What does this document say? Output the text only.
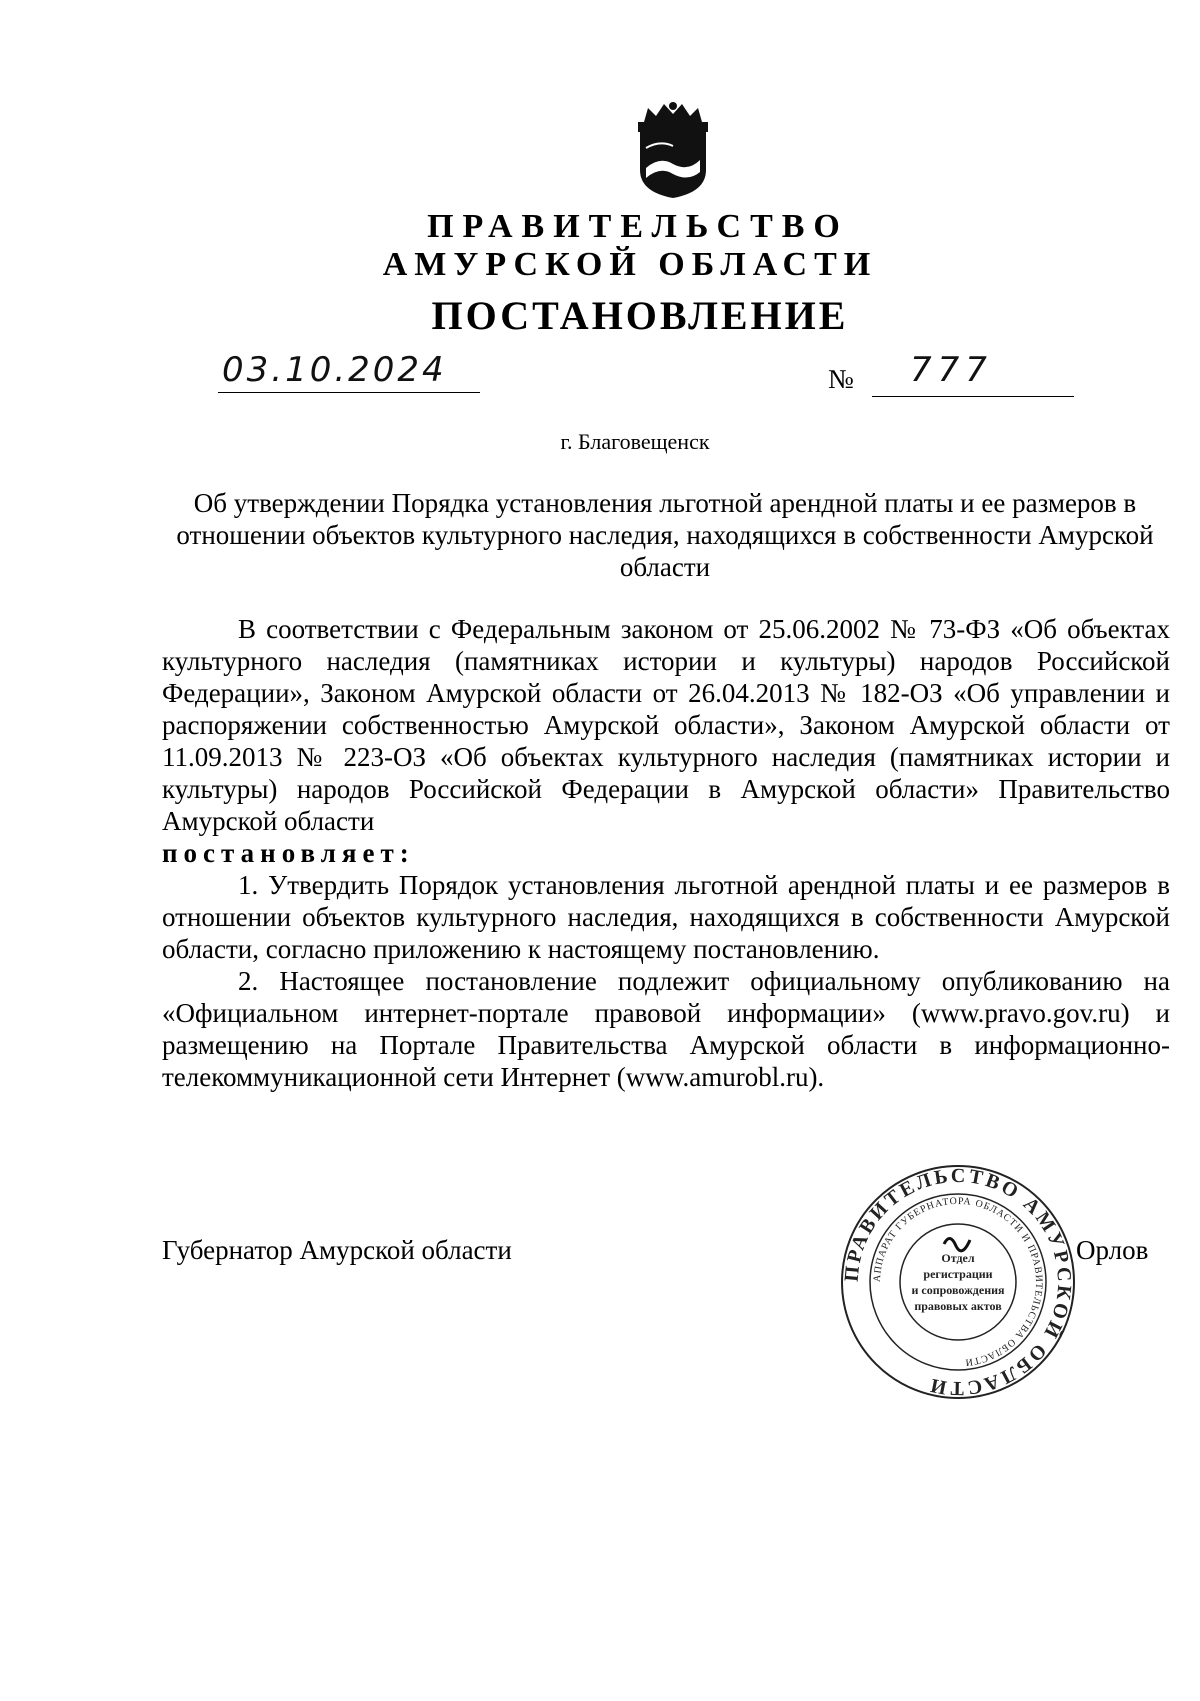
ПРАВИТЕЛЬСТВО
АМУРСКОЙ ОБЛАСТИ
ПОСТАНОВЛЕНИЕ
03.10.2024	№ 777
г. Благовещенск
Об утверждении Порядка установления льготной арендной платы и ее размеров в отношении объектов культурного наследия, находящихся в собственности Амурской области

В соответствии с Федеральным законом от 25.06.2002 № 73-ФЗ «Об объектах культурного наследия (памятниках истории и культуры) народов Российской Федерации», Законом Амурской области от 26.04.2013 № 182-ОЗ «Об управлении и распоряжении собственностью Амурской области», Законом Амурской области от 11.09.2013 № 223-ОЗ «Об объектах культурного наследия (памятниках истории и культуры) народов Российской Федерации в Амурской области» Правительство Амурской области

постановляет:

1. Утвердить Порядок установления льготной арендной платы и ее размеров в отношении объектов культурного наследия, находящихся в собственности Амурской области, согласно приложению к настоящему постановлению.

2. Настоящее постановление подлежит официальному опубликованию на «Официальном интернет-портале правовой информации» (www.pravo.gov.ru) и размещению на Портале Правительства Амурской области в информационно-телекоммуникационной сети Интернет (www.amurobl.ru).

Губернатор Амурской области	Орлов
ПРАВИТЕЛЬСТВО АМУРСКОЙ ОБЛАСТИ
АППАРАТ ГУБЕРНАТОРА ОБЛАСТИ И ПРАВИТЕЛЬСТВА ОБЛАСТИ
Отдел
регистрации
и сопровождения
правовых актов
